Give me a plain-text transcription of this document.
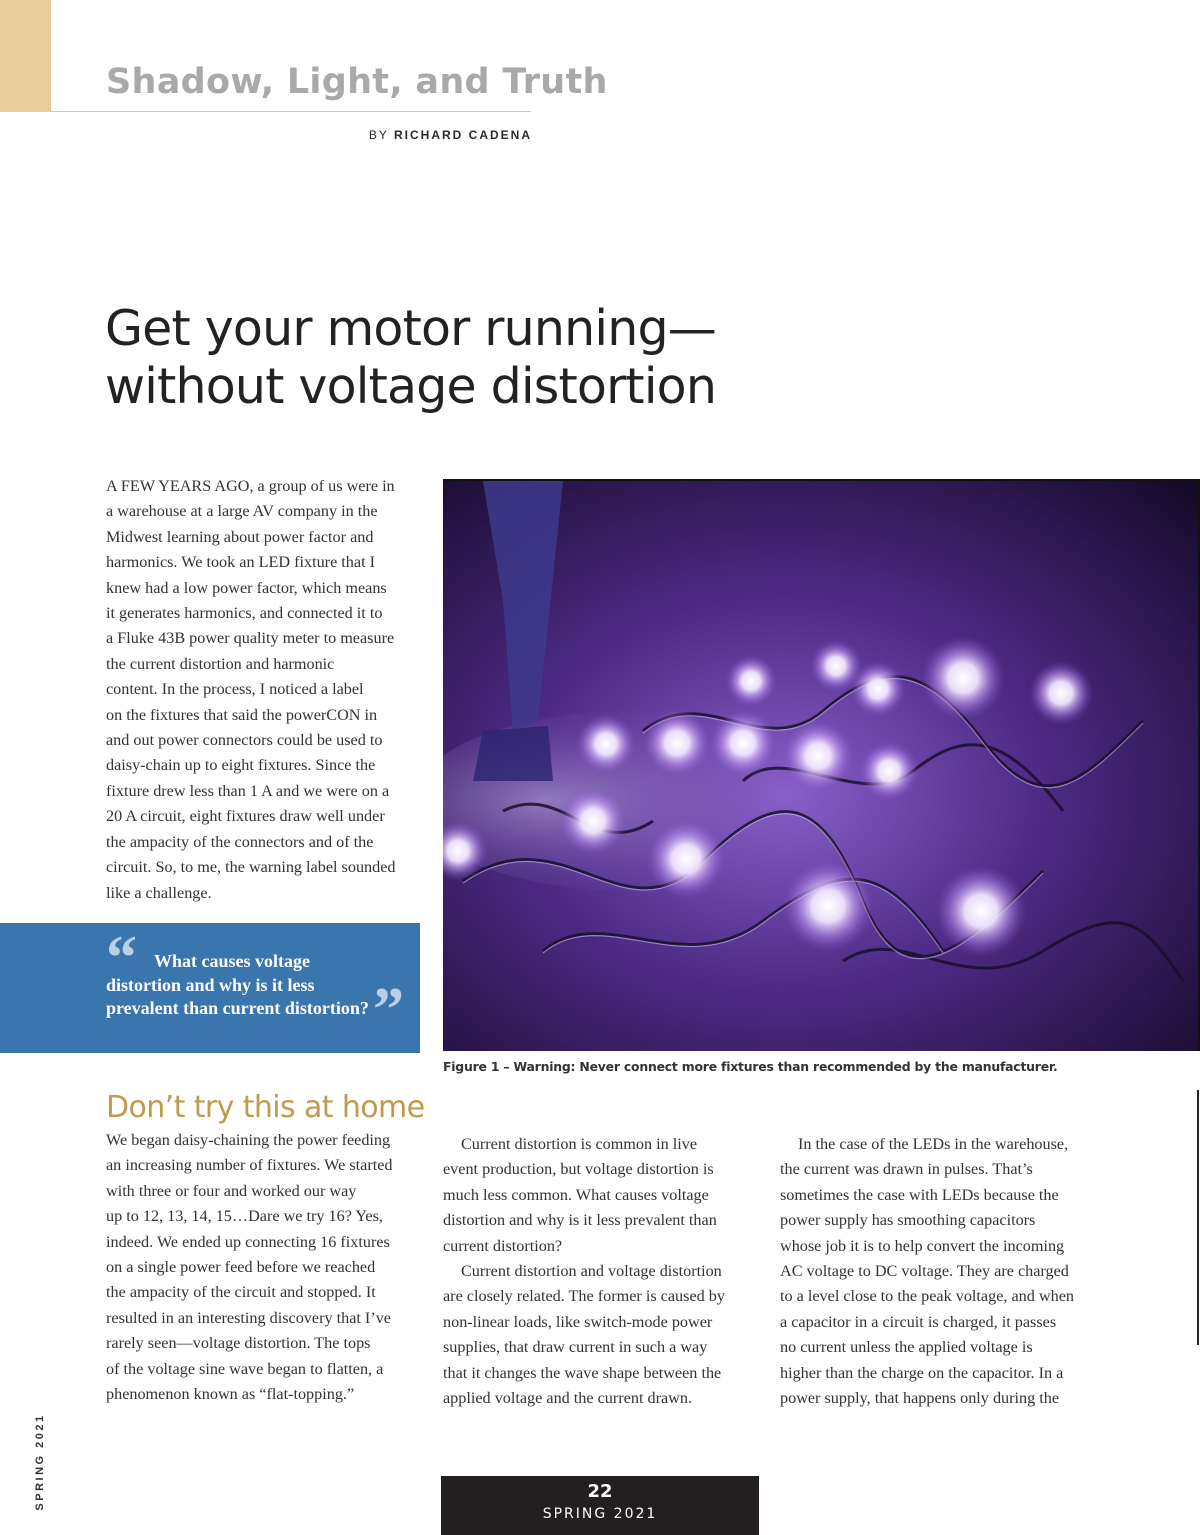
Shadow, Light, and Truth

BY RICHARD CADENA

Get your motor running—
without voltage distortion
A FEW YEARS AGO, a group of us were in
a warehouse at a large AV company in the
Midwest learning about power factor and
harmonics. We took an LED fixture that I
knew had a low power factor, which means
it generates harmonics, and connected it to
a Fluke 43B power quality meter to measure
the current distortion and harmonic
content. In the process, I noticed a label
on the fixtures that said the powerCON in
and out power connectors could be used to
daisy-chain up to eight fixtures. Since the
fixture drew less than 1 A and we were on a
20 A circuit, eight fixtures draw well under
the ampacity of the connectors and of the
circuit. So, to me, the warning label sounded
like a challenge.
“ What causes voltage
distortion and why is it less
prevalent than current distortion? ”

Figure 1 – Warning: Never connect more fixtures than recommended by the manufacturer.

Don’t try this at home
We began daisy-chaining the power feeding
an increasing number of fixtures. We started
with three or four and worked our way
up to 12, 13, 14, 15…Dare we try 16? Yes,
indeed. We ended up connecting 16 fixtures
on a single power feed before we reached
the ampacity of the circuit and stopped. It
resulted in an interesting discovery that I’ve
rarely seen—voltage distortion. The tops
of the voltage sine wave began to flatten, a
phenomenon known as “flat-topping.”
Current distortion is common in live
event production, but voltage distortion is
much less common. What causes voltage
distortion and why is it less prevalent than
current distortion?
Current distortion and voltage distortion
are closely related. The former is caused by
non-linear loads, like switch-mode power
supplies, that draw current in such a way
that it changes the wave shape between the
applied voltage and the current drawn.
In the case of the LEDs in the warehouse,
the current was drawn in pulses. That’s
sometimes the case with LEDs because the
power supply has smoothing capacitors
whose job it is to help convert the incoming
AC voltage to DC voltage. They are charged
to a level close to the peak voltage, and when
a capacitor in a circuit is charged, it passes
no current unless the applied voltage is
higher than the charge on the capacitor. In a
power supply, that happens only during the
SPRING 2021	22
SPRING 2021
